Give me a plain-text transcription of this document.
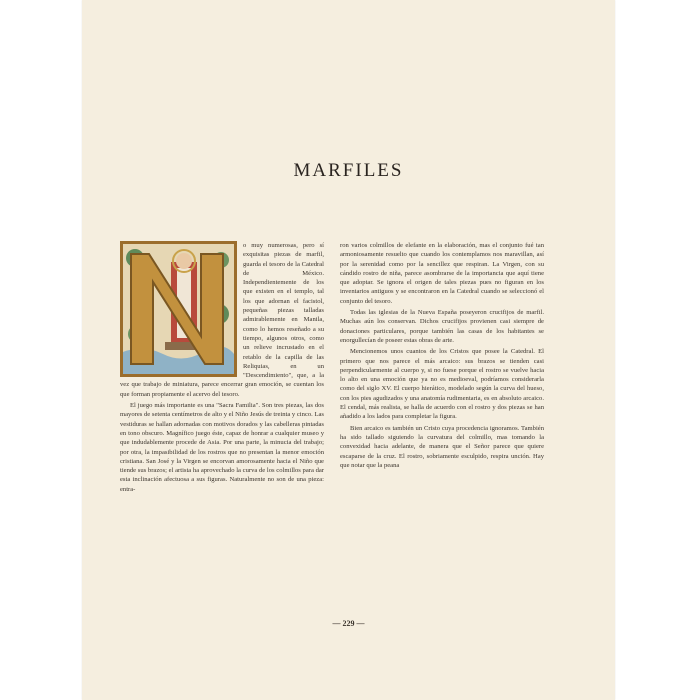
MARFILES

o muy numerosas, pero sí exquisitas piezas de marfil, guarda el tesoro de la Catedral de México. Independientemente de los que existen en el templo, tal los que adornan el facistol, pequeñas piezas talladas admirablemente en Manila, como lo hemos reseñado a su tiempo, algunos otros, como un relieve incrustado en el retablo de la capilla de las Reliquias, en un "Descendimiento", que, a la vez que trabajo de miniatura, parece encerrar gran emoción, se cuentan los que forman propiamente el acervo del tesoro.

El juego más importante es una "Sacra Familia". Son tres piezas, las dos mayores de setenta centímetros de alto y el Niño Jesús de treinta y cinco. Las vestiduras se hallan adornadas con motivos dorados y las cabelleras pintadas en tono obscuro. Magnífico juego éste, capaz de honrar a cualquier museo y que indudablemente procede de Asia. Por una parte, la minucia del trabajo; por otra, la impasibilidad de los rostros que no presentan la menor emoción cristiana. San José y la Virgen se encorvan amorosamente hacia el Niño que tiende sus brazos; el artista ha aprovechado la curva de los colmillos para dar esta inclinación afectuosa a sus figuras. Naturalmente no son de una pieza: entra-

ron varios colmillos de elefante en la elaboración, mas el conjunto fué tan armoniosamente resuelto que cuando los contemplamos nos maravillan, así por la serenidad como por la sencillez que respiran. La Virgen, con su cándido rostro de niña, parece asombrarse de la importancia que aquí tiene que adoptar. Se ignora el origen de tales piezas pues no figuran en los inventarios antiguos y se encontraron en la Catedral cuando se seleccionó el conjunto del tesoro.

Todas las iglesias de la Nueva España poseyeron crucifijos de marfil. Muchas aún los conservan. Dichos crucifijos provienen casi siempre de donaciones particulares, porque también las casas de los habitantes se enorgullecían de poseer estas obras de arte.

Mencionemos unos cuantos de los Cristos que posee la Catedral. El primero que nos parece el más arcaico: sus brazos se tienden casi perpendicularmente al cuerpo y, si no fuese porque el rostro se vuelve hacia lo alto en una emoción que ya no es medioeval, podríamos considerarla como del siglo XV. El cuerpo hierático, modelado según la curva del hueso, con los pies agudizados y una anatomía rudimentaria, es en absoluto arcaico. El cendal, más realista, se halla de acuerdo con el rostro y dos piezas se han añadido a los lados para completar la figura.

Bien arcaico es también un Cristo cuya procedencia ignoramos. También ha sido tallado siguiendo la curvatura del colmillo, mas tomando la convexidad hacia adelante, de manera que el Señor parece que quiere escaparse de la cruz. El rostro, sobriamente esculpido, respira unción. Hay que notar que la peana

— 229 —
